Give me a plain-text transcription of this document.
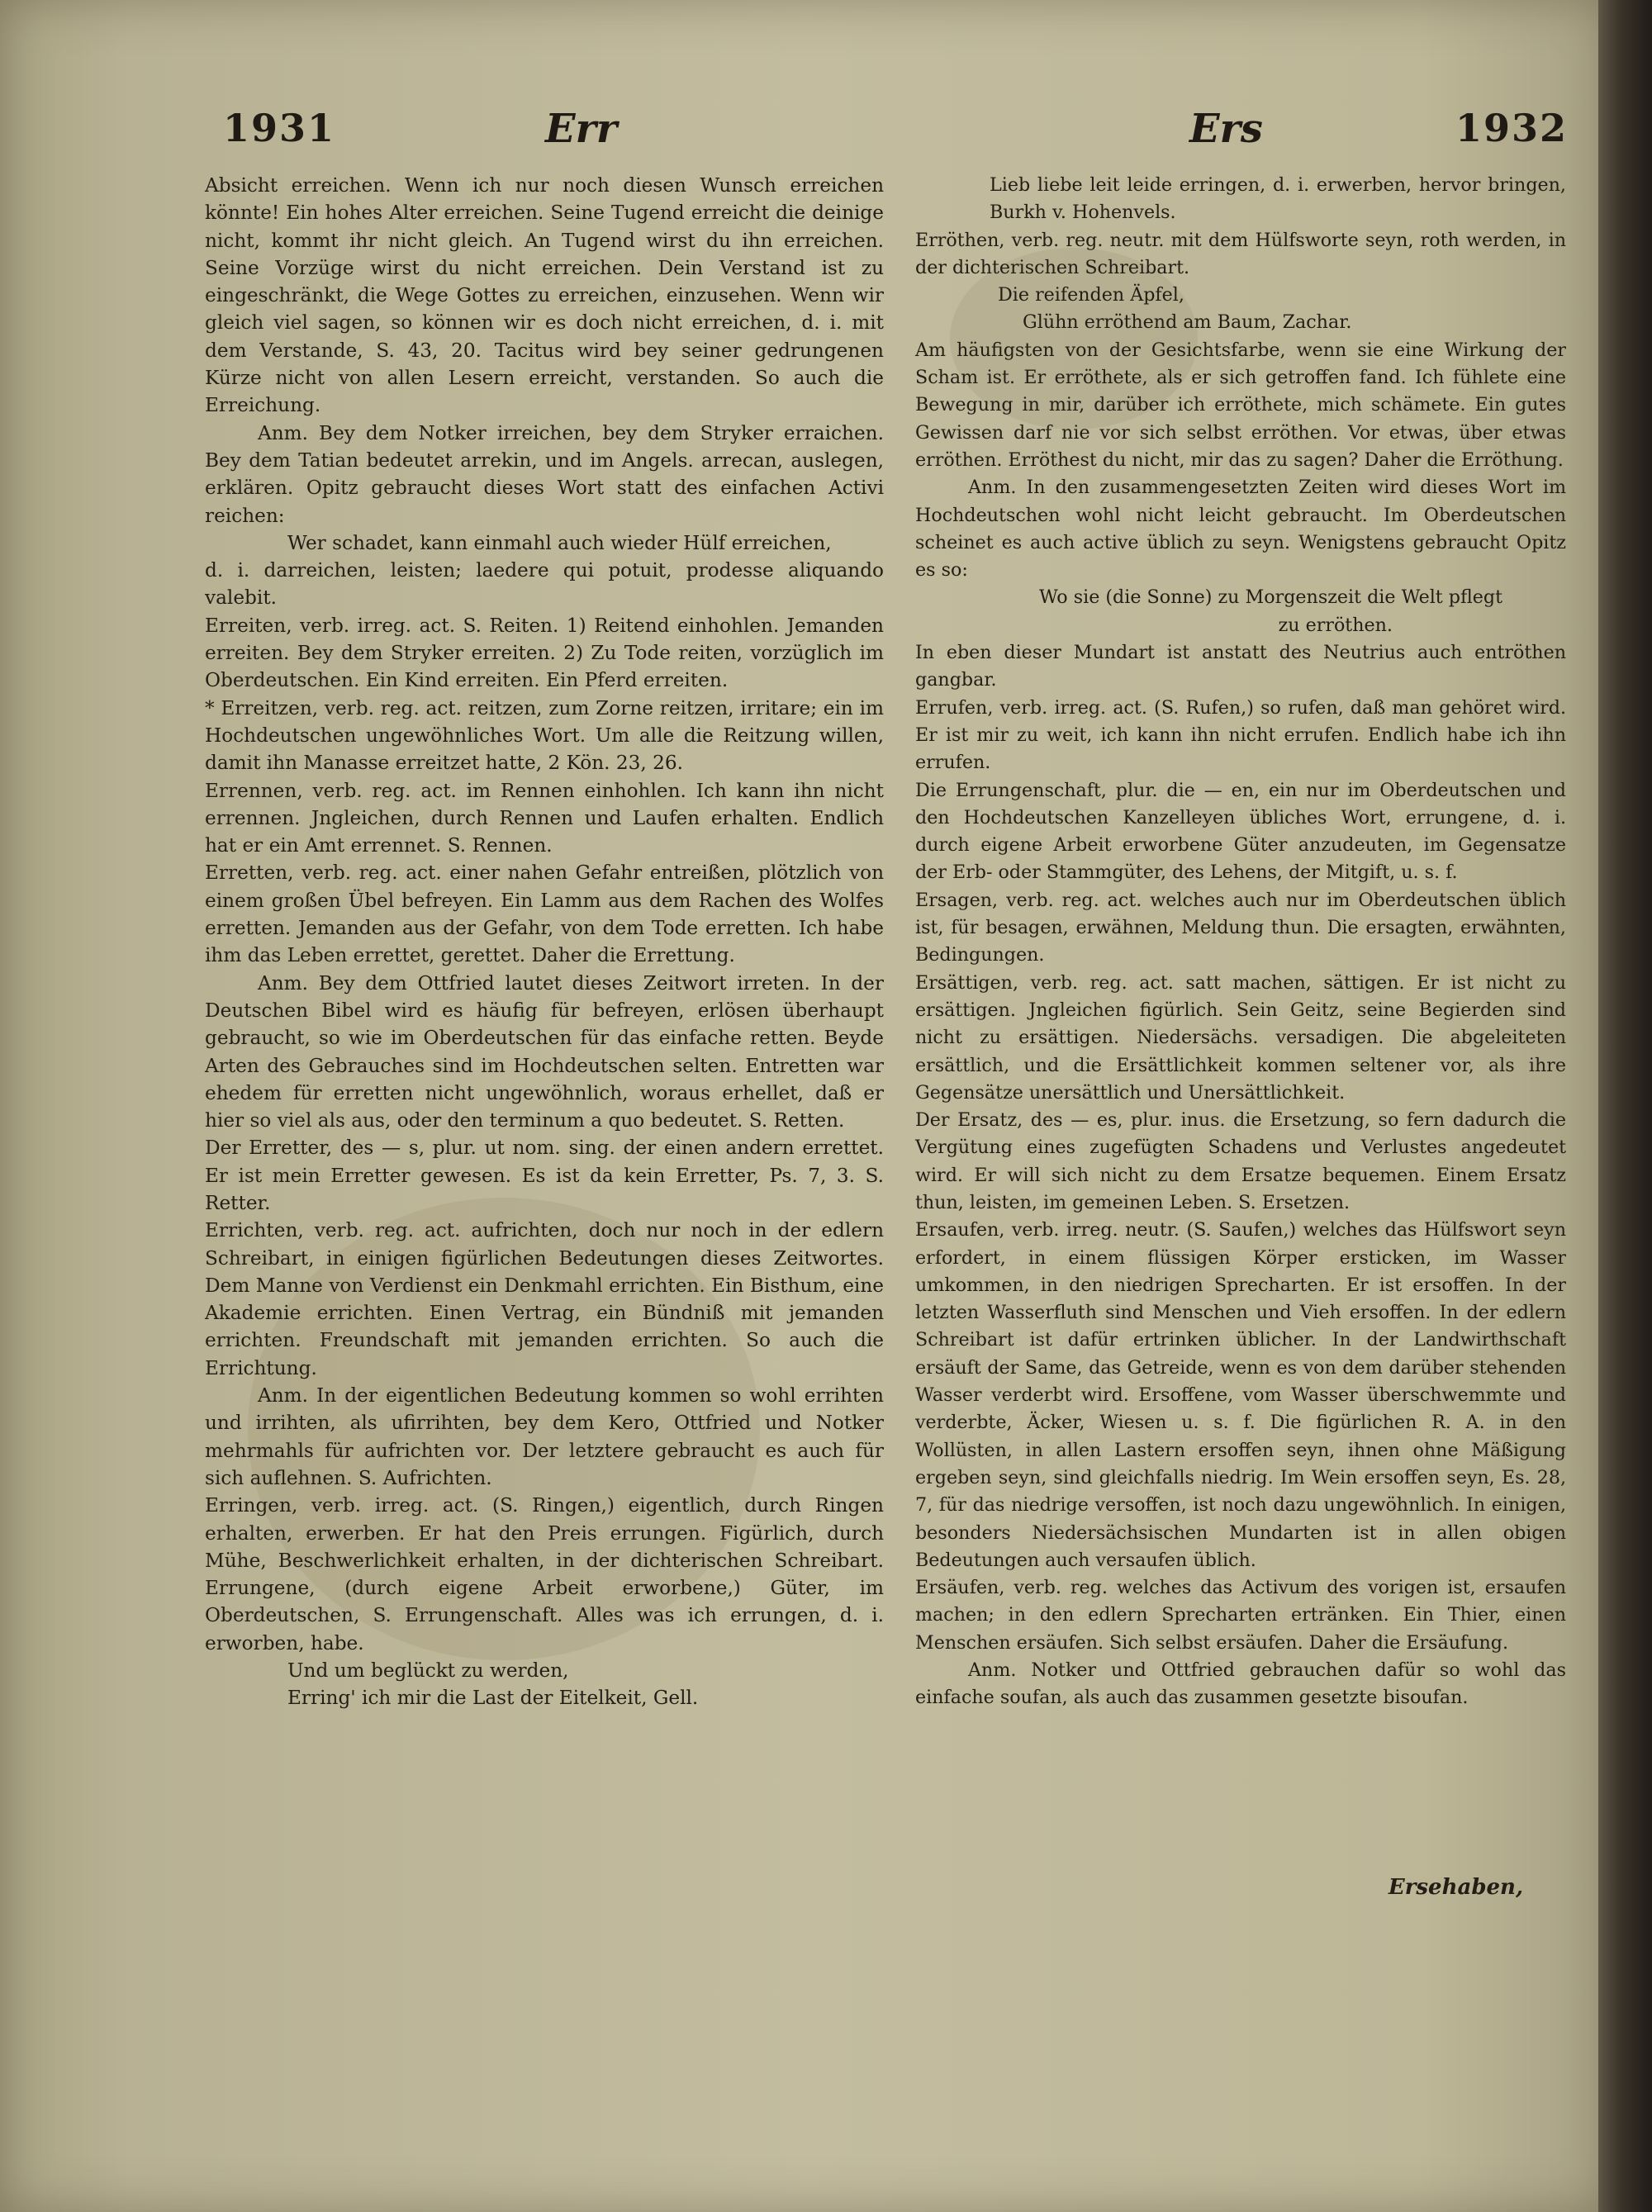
1931	Err	Ers	1932

Absicht erreichen. Wenn ich nur noch diesen Wunsch erreichen könnte! Ein hohes Alter erreichen. Seine Tugend erreicht die deinige nicht, kommt ihr nicht gleich. An Tugend wirst du ihn erreichen. Seine Vorzüge wirst du nicht erreichen. Dein Verstand ist zu eingeschränkt, die Wege Gottes zu erreichen, einzusehen. Wenn wir gleich viel sagen, so können wir es doch nicht erreichen, d. i. mit dem Verstande, S. 43, 20. Tacitus wird bey seiner gedrungenen Kürze nicht von allen Lesern erreicht, verstanden. So auch die Erreichung.

Anm. Bey dem Notker irreichen, bey dem Stryker erraichen. Bey dem Tatian bedeutet arrekin, und im Angels. arrecan, auslegen, erklären. Opitz gebraucht dieses Wort statt des einfachen Activi reichen:

Wer schadet, kann einmahl auch wieder Hülf erreichen,

d. i. darreichen, leisten; laedere qui potuit, prodesse aliquando valebit.

Erreiten, verb. irreg. act. S. Reiten. 1) Reitend einhohlen. Jemanden erreiten. Bey dem Stryker erreiten. 2) Zu Tode reiten, vorzüglich im Oberdeutschen. Ein Kind erreiten. Ein Pferd erreiten.

* Erreitzen, verb. reg. act. reitzen, zum Zorne reitzen, irritare; ein im Hochdeutschen ungewöhnliches Wort. Um alle die Reitzung willen, damit ihn Manasse erreitzet hatte, 2 Kön. 23, 26.

Errennen, verb. reg. act. im Rennen einhohlen. Ich kann ihn nicht errennen. Jngleichen, durch Rennen und Laufen erhalten. Endlich hat er ein Amt errennet. S. Rennen.

Erretten, verb. reg. act. einer nahen Gefahr entreißen, plötzlich von einem großen Übel befreyen. Ein Lamm aus dem Rachen des Wolfes erretten. Jemanden aus der Gefahr, von dem Tode erretten. Ich habe ihm das Leben errettet, gerettet. Daher die Errettung.

Anm. Bey dem Ottfried lautet dieses Zeitwort irreten. In der Deutschen Bibel wird es häufig für befreyen, erlösen überhaupt gebraucht, so wie im Oberdeutschen für das einfache retten. Beyde Arten des Gebrauches sind im Hochdeutschen selten. Entretten war ehedem für erretten nicht ungewöhnlich, woraus erhellet, daß er hier so viel als aus, oder den terminum a quo bedeutet. S. Retten.

Der Erretter, des — s, plur. ut nom. sing. der einen andern errettet. Er ist mein Erretter gewesen. Es ist da kein Erretter, Ps. 7, 3. S. Retter.

Errichten, verb. reg. act. aufrichten, doch nur noch in der edlern Schreibart, in einigen figürlichen Bedeutungen dieses Zeitwortes. Dem Manne von Verdienst ein Denkmahl errichten. Ein Bisthum, eine Akademie errichten. Einen Vertrag, ein Bündniß mit jemanden errichten. Freundschaft mit jemanden errichten. So auch die Errichtung.

Anm. In der eigentlichen Bedeutung kommen so wohl errihten und irrihten, als ufirrihten, bey dem Kero, Ottfried und Notker mehrmahls für aufrichten vor. Der letztere gebraucht es auch für sich auflehnen. S. Aufrichten.

Erringen, verb. irreg. act. (S. Ringen,) eigentlich, durch Ringen erhalten, erwerben. Er hat den Preis errungen. Figürlich, durch Mühe, Beschwerlichkeit erhalten, in der dichterischen Schreibart. Errungene, (durch eigene Arbeit erworbene,) Güter, im Oberdeutschen, S. Errungenschaft. Alles was ich errungen, d. i. erworben, habe.

Und um beglückt zu werden,

Erring' ich mir die Last der Eitelkeit, Gell.

Lieb liebe leit leide erringen, d. i. erwerben, hervor bringen, Burkh v. Hohenvels.

Erröthen, verb. reg. neutr. mit dem Hülfsworte seyn, roth werden, in der dichterischen Schreibart.

Die reifenden Äpfel,

Glühn erröthend am Baum, Zachar.

Am häufigsten von der Gesichtsfarbe, wenn sie eine Wirkung der Scham ist. Er erröthete, als er sich getroffen fand. Ich fühlete eine Bewegung in mir, darüber ich erröthete, mich schämete. Ein gutes Gewissen darf nie vor sich selbst erröthen. Vor etwas, über etwas erröthen. Erröthest du nicht, mir das zu sagen? Daher die Erröthung.

Anm. In den zusammengesetzten Zeiten wird dieses Wort im Hochdeutschen wohl nicht leicht gebraucht. Im Oberdeutschen scheinet es auch active üblich zu seyn. Wenigstens gebraucht Opitz es so:

Wo sie (die Sonne) zu Morgenszeit die Welt pflegt

zu erröthen.

In eben dieser Mundart ist anstatt des Neutrius auch entröthen gangbar.

Errufen, verb. irreg. act. (S. Rufen,) so rufen, daß man gehöret wird. Er ist mir zu weit, ich kann ihn nicht errufen. Endlich habe ich ihn errufen.

Die Errungenschaft, plur. die — en, ein nur im Oberdeutschen und den Hochdeutschen Kanzelleyen übliches Wort, errungene, d. i. durch eigene Arbeit erworbene Güter anzudeuten, im Gegensatze der Erb- oder Stammgüter, des Lehens, der Mitgift, u. s. f.

Ersagen, verb. reg. act. welches auch nur im Oberdeutschen üblich ist, für besagen, erwähnen, Meldung thun. Die ersagten, erwähnten, Bedingungen.

Ersättigen, verb. reg. act. satt machen, sättigen. Er ist nicht zu ersättigen. Jngleichen figürlich. Sein Geitz, seine Begierden sind nicht zu ersättigen. Niedersächs. versadigen. Die abgeleiteten ersättlich, und die Ersättlichkeit kommen seltener vor, als ihre Gegensätze unersättlich und Unersättlichkeit.

Der Ersatz, des — es, plur. inus. die Ersetzung, so fern dadurch die Vergütung eines zugefügten Schadens und Verlustes angedeutet wird. Er will sich nicht zu dem Ersatze bequemen. Einem Ersatz thun, leisten, im gemeinen Leben. S. Ersetzen.

Ersaufen, verb. irreg. neutr. (S. Saufen,) welches das Hülfswort seyn erfordert, in einem flüssigen Körper ersticken, im Wasser umkommen, in den niedrigen Sprecharten. Er ist ersoffen. In der letzten Wasserfluth sind Menschen und Vieh ersoffen. In der edlern Schreibart ist dafür ertrinken üblicher. In der Landwirthschaft ersäuft der Same, das Getreide, wenn es von dem darüber stehenden Wasser verderbt wird. Ersoffene, vom Wasser überschwemmte und verderbte, Äcker, Wiesen u. s. f. Die figürlichen R. A. in den Wollüsten, in allen Lastern ersoffen seyn, ihnen ohne Mäßigung ergeben seyn, sind gleichfalls niedrig. Im Wein ersoffen seyn, Es. 28, 7, für das niedrige versoffen, ist noch dazu ungewöhnlich. In einigen, besonders Niedersächsischen Mundarten ist in allen obigen Bedeutungen auch versaufen üblich.

Ersäufen, verb. reg. welches das Activum des vorigen ist, ersaufen machen; in den edlern Sprecharten ertränken. Ein Thier, einen Menschen ersäufen. Sich selbst ersäufen. Daher die Ersäufung.

Anm. Notker und Ottfried gebrauchen dafür so wohl das einfache soufan, als auch das zusammen gesetzte bisoufan.

Ersehaben,
